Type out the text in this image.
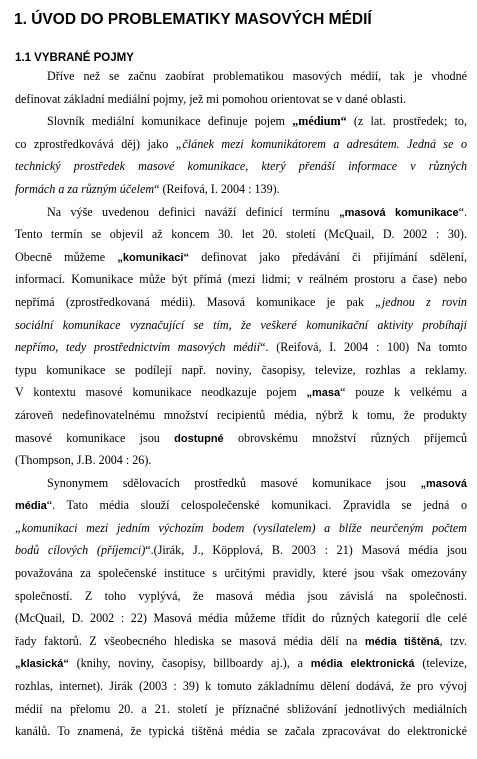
1. ÚVOD DO PROBLEMATIKY MASOVÝCH MÉDIÍ
1.1 VYBRANÉ POJMY
Dříve než se začnu zaobírat problematikou masových médií, tak je vhodné
definovat základní mediální pojmy, jež mi pomohou orientovat se v dané oblasti.
Slovník mediální komunikace definuje pojem „médium“ (z lat. prostředek; to,
co zprostředkovává děj) jako „článek mezi komunikátorem a adresátem. Jedná se o
technický prostředek masové komunikace, který přenáší informace v různých
formách a za různým účelem“ (Reifová, I. 2004 : 139).
Na výše uvedenou definici naváží definicí termínu „masová komunikace“.
Tento termín se objevil až koncem 30. let 20. století (McQuail, D. 2002 : 30).
Obecně můžeme „komunikaci“ definovat jako předávání či přijímání sdělení,
informací. Komunikace může být přímá (mezi lidmi; v reálném prostoru a čase) nebo
nepřímá (zprostředkovaná médii). Masová komunikace je pak „jednou z rovin
sociální komunikace vyznačující se tím, že veškeré komunikační aktivity probíhají
nepřímo, tedy prostřednictvím masových médií“. (Reifová, I. 2004 : 100) Na tomto
typu komunikace se podílejí např. noviny, časopisy, televize, rozhlas a reklamy.
V kontextu masové komunikace neodkazuje pojem „masa“ pouze k velkému a
zároveň nedefinovatelnému množství recipientů média, nýbrž k tomu, že produkty
masové komunikace jsou dostupné obrovskému množství různých příjemců
(Thompson, J.B. 2004 : 26).
Synonymem sdělovacích prostředků masové komunikace jsou „masová
média“. Tato média slouží celospolečenské komunikaci. Zpravidla se jedná o
„komunikaci mezi jedním výchozím bodem (vysílatelem) a blíže neurčeným počtem
bodů cílových (příjemci)“.(Jirák, J., Köpplová, B. 2003 : 21) Masová média jsou
považována za společenské instituce s určitými pravidly, které jsou však omezovány
společností. Z toho vyplývá, že masová média jsou závislá na společnosti.
(McQuail, D. 2002 : 22) Masová média můžeme třídit do různých kategorií dle celé
řady faktorů. Z všeobecného hlediska se masová média dělí na média tištěná, tzv.
„klasická“ (knihy, noviny, časopisy, billboardy aj.), a média elektronická (televize,
rozhlas, internet). Jirák (2003 : 39) k tomuto základnímu dělení dodává, že pro vývoj
médií na přelomu 20. a 21. století je příznačné sbližování jednotlivých mediálních
kanálů. To znamená, že typická tištěná média se začala zpracovávat do elektronické
